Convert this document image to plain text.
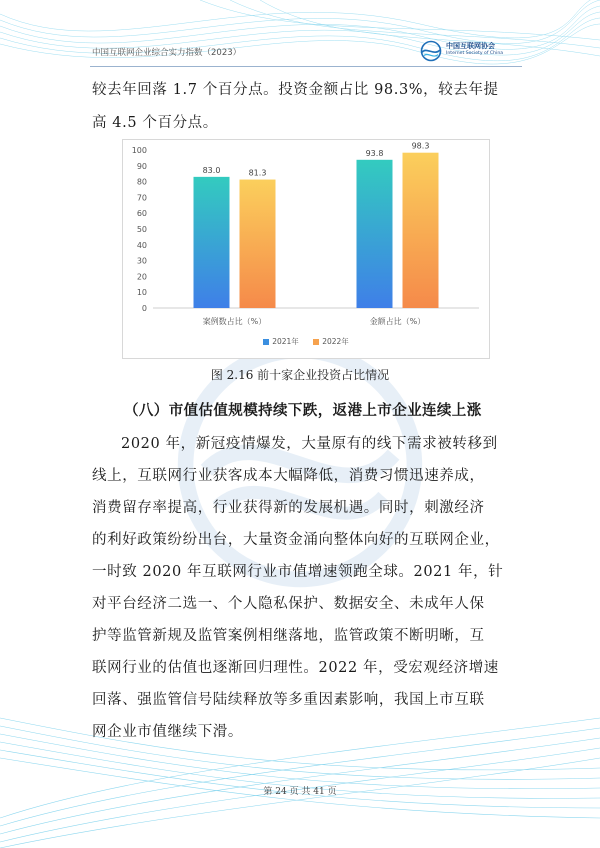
中国互联网企业综合实力指数（2023）
中国互联网协会
Internet Society of China
较去年回落 1.7 个百分点。投资金额占比 98.3%，较去年提
高 4.5 个百分点。
0
10
20
30
40
50
60
70
80
90
100
83.0	81.3
案例数占比（%）
93.8
98.3
金额占比（%）
2021年	2022年
图 2.16 前十家企业投资占比情况
（八）市值估值规模持续下跌，返港上市企业连续上涨
2020 年，新冠疫情爆发，大量原有的线下需求被转移到
线上，互联网行业获客成本大幅降低，消费习惯迅速养成，
消费留存率提高，行业获得新的发展机遇。同时，刺激经济
的利好政策纷纷出台，大量资金涌向整体向好的互联网企业，
一时致 2020 年互联网行业市值增速领跑全球。2021 年，针
对平台经济二选一、个人隐私保护、数据安全、未成年人保
护等监管新规及监管案例相继落地，监管政策不断明晰，互
联网行业的估值也逐渐回归理性。2022 年，受宏观经济增速
回落、强监管信号陆续释放等多重因素影响，我国上市互联
网企业市值继续下滑。
第 24 页 共 41 页
